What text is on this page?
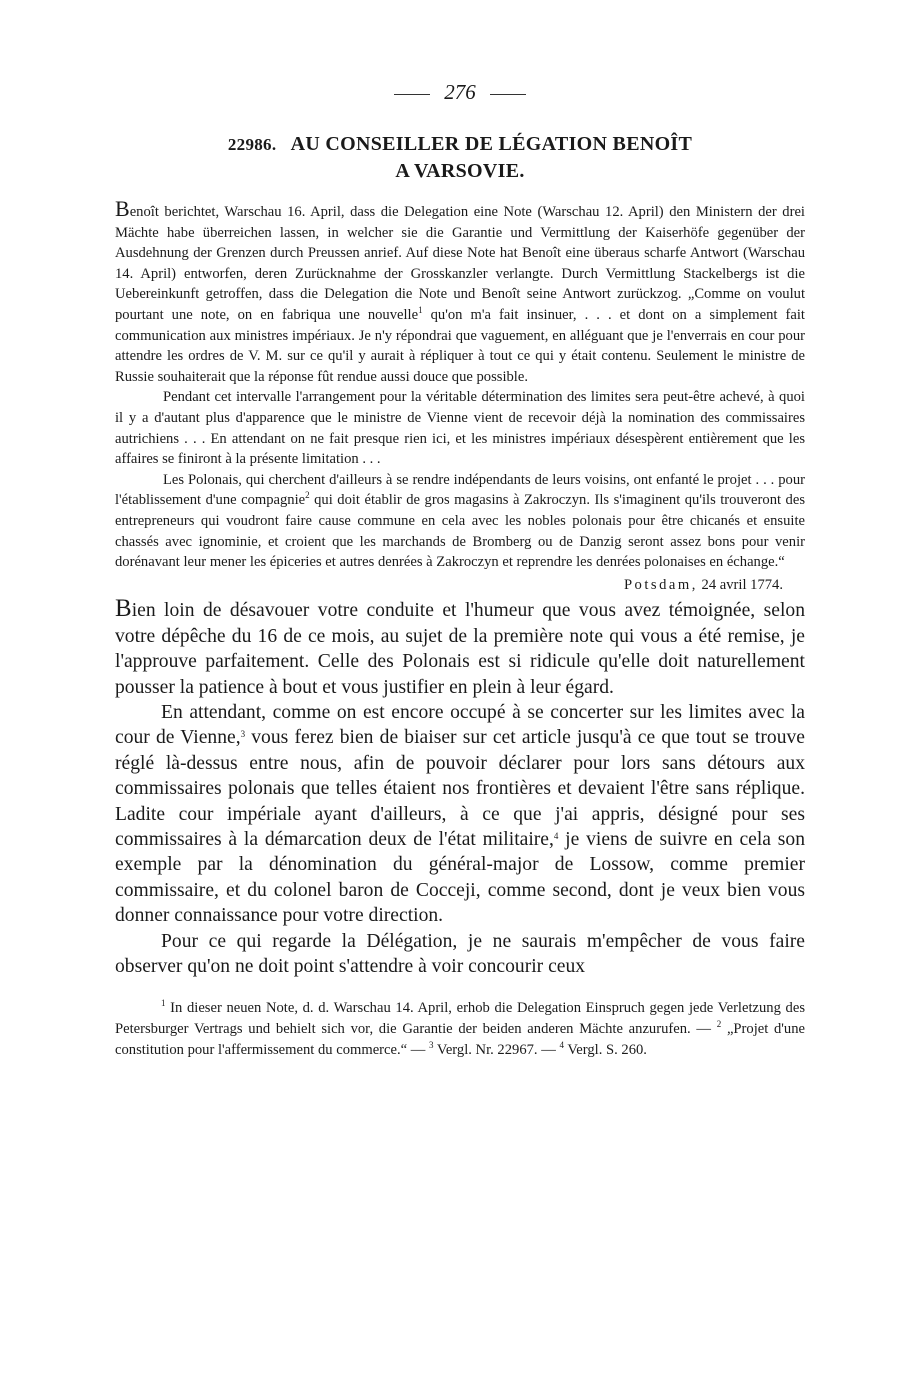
276
22986. AU CONSEILLER DE LÉGATION BENOÎT
A VARSOVIE.

Benoît berichtet, Warschau 16. April, dass die Delegation eine Note (Warschau 12. April) den Ministern der drei Mächte habe überreichen lassen, in welcher sie die Garantie und Vermittlung der Kaiserhöfe gegenüber der Ausdehnung der Grenzen durch Preussen anrief. Auf diese Note hat Benoît eine überaus scharfe Antwort (Warschau 14. April) entworfen, deren Zurücknahme der Grosskanzler verlangte. Durch Vermittlung Stackelbergs ist die Uebereinkunft getroffen, dass die Delegation die Note und Benoît seine Antwort zurückzog. „Comme on voulut pourtant une note, on en fabriqua une nouvelle$^1$ qu'on m'a fait insinuer, . . . et dont on a simplement fait communication aux ministres impériaux. Je n'y répondrai que vaguement, en alléguant que je l'enverrais en cour pour attendre les ordres de V. M. sur ce qu'il y aurait à répliquer à tout ce qui y était contenu. Seulement le ministre de Russie souhaiterait que la réponse fût rendue aussi douce que possible.

Pendant cet intervalle l'arrangement pour la véritable détermination des limites sera peut-être achevé, à quoi il y a d'autant plus d'apparence que le ministre de Vienne vient de recevoir déjà la nomination des commissaires autrichiens . . . En attendant on ne fait presque rien ici, et les ministres impériaux désespèrent entièrement que les affaires se finiront à la présente limitation . . .

Les Polonais, qui cherchent d'ailleurs à se rendre indépendants de leurs voisins, ont enfanté le projet . . . pour l'établissement d'une compagnie$^2$ qui doit établir de gros magasins à Zakroczyn. Ils s'imaginent qu'ils trouveront des entrepreneurs qui voudront faire cause commune en cela avec les nobles polonais pour être chicanés et ensuite chassés avec ignominie, et croient que les marchands de Bromberg ou de Danzig seront assez bons pour venir dorénavant leur mener les épiceries et autres denrées à Zakroczyn et reprendre les denrées polonaises en échange.“

Potsdam, 24 avril 1774.

Bien loin de désavouer votre conduite et l'humeur que vous avez témoignée, selon votre dépêche du 16 de ce mois, au sujet de la première note qui vous a été remise, je l'approuve parfaitement. Celle des Polonais est si ridicule qu'elle doit naturellement pousser la patience à bout et vous justifier en plein à leur égard.

En attendant, comme on est encore occupé à se concerter sur les limites avec la cour de Vienne,$^3$ vous ferez bien de biaiser sur cet article jusqu'à ce que tout se trouve réglé là-dessus entre nous, afin de pouvoir déclarer pour lors sans détours aux commissaires polonais que telles étaient nos frontières et devaient l'être sans réplique. Ladite cour impériale ayant d'ailleurs, à ce que j'ai appris, désigné pour ses commissaires à la démarcation deux de l'état militaire,$^4$ je viens de suivre en cela son exemple par la dénomination du général-major de Lossow, comme premier commissaire, et du colonel baron de Cocceji, comme second, dont je veux bien vous donner connaissance pour votre direction.

Pour ce qui regarde la Délégation, je ne saurais m'empêcher de vous faire observer qu'on ne doit point s'attendre à voir concourir ceux

$^1$ In dieser neuen Note, d. d. Warschau 14. April, erhob die Delegation Einspruch gegen jede Verletzung des Petersburger Vertrags und behielt sich vor, die Garantie der beiden anderen Mächte anzurufen. — $^2$ „Projet d'une constitution pour l'affermissement du commerce.“ — $^3$ Vergl. Nr. 22967. — $^4$ Vergl. S. 260.
